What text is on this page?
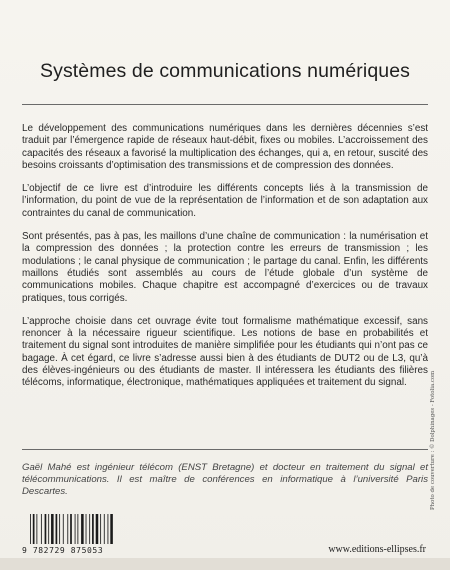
Systèmes de communications numériques

Le développement des communications numériques dans les dernières décennies s’est traduit par l’émergence rapide de réseaux haut-débit, fixes ou mobiles. L’accroissement des capacités des réseaux a favorisé la multiplication des échanges, qui a, en retour, suscité des besoins croissants d’optimisation des transmissions et de compression des données.

L’objectif de ce livre est d’introduire les différents concepts liés à la transmission de l’information, du point de vue de la représentation de l’information et de son adaptation aux contraintes du canal de communication.

Sont présentés, pas à pas, les maillons d’une chaîne de communication : la numérisation et la compression des données ; la protection contre les erreurs de transmission ; les modulations ; le canal physique de communication ; le partage du canal. Enfin, les différents maillons étudiés sont assemblés au cours de l’étude globale d’un système de communications mobiles. Chaque chapitre est accompagné d’exercices ou de travaux pratiques, tous corrigés.

L’approche choisie dans cet ouvrage évite tout formalisme mathématique excessif, sans renoncer à la nécessaire rigueur scientifique. Les notions de base en probabilités et traitement du signal sont introduites de manière simplifiée pour les étudiants qui n’ont pas ce bagage. À cet égard, ce livre s’adresse aussi bien à des étudiants de DUT2 ou de L3, qu’à des élèves-ingénieurs ou des étudiants de master. Il intéressera les étudiants des filières télécoms, informatique, électronique, mathématiques appliquées et traitement du signal.

Gaël Mahé est ingénieur télécom (ENST Bretagne) et docteur en traitement du signal et télécommunications. Il est maître de conférences en informatique à l’université Paris Descartes.	Photo de couverture : © Dolphinages - Fotolia.com
9 782729 875053	www.editions-ellipses.fr
